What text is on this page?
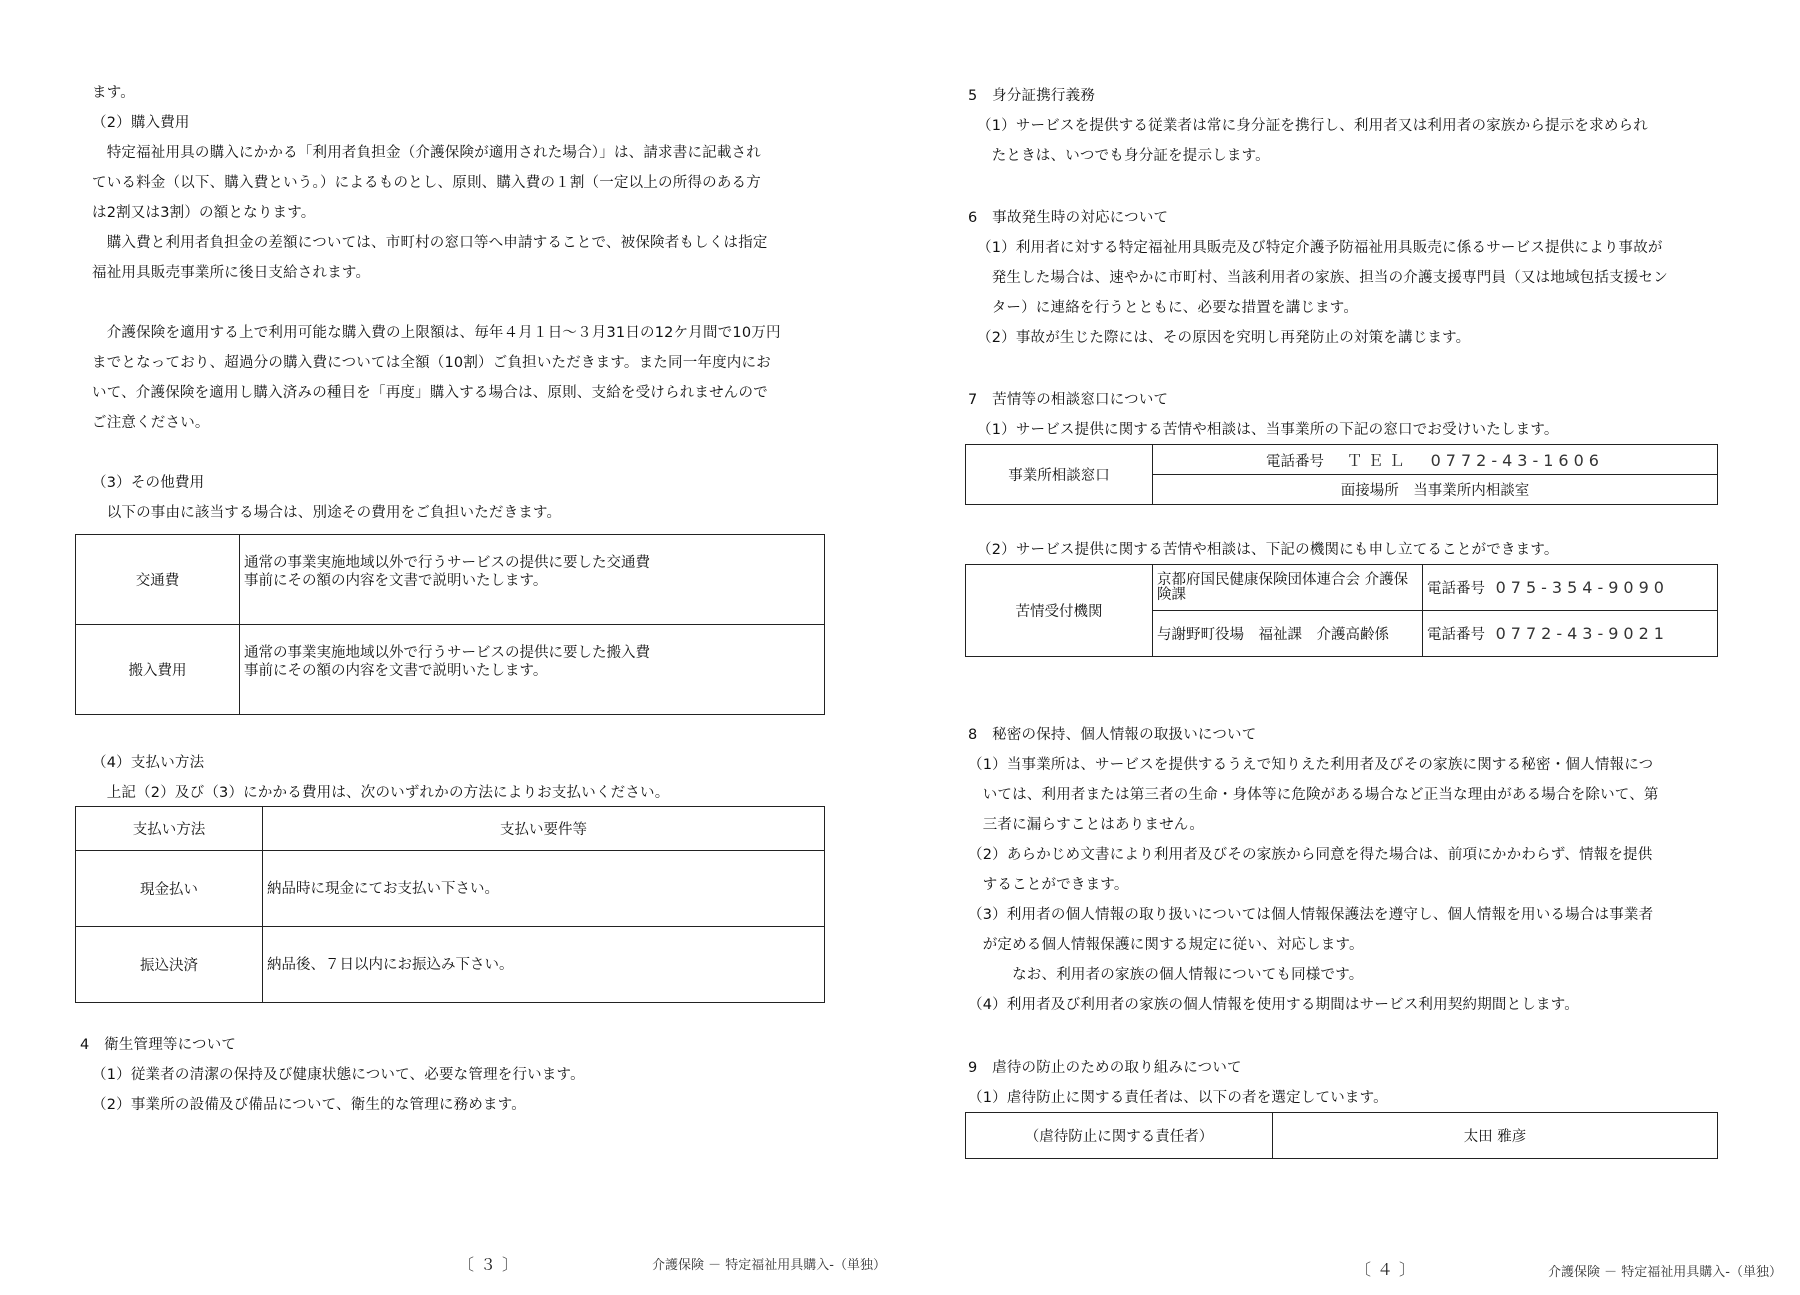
ます。
（2）購入費用
　特定福祉用具の購入にかかる「利用者負担金（介護保険が適用された場合）」は、請求書に記載され
ている料金（以下、購入費という。）によるものとし、原則、購入費の１割（一定以上の所得のある方
は2割又は3割）の額となります。
　購入費と利用者負担金の差額については、市町村の窓口等へ申請することで、被保険者もしくは指定
福祉用具販売事業所に後日支給されます。
　介護保険を適用する上で利用可能な購入費の上限額は、毎年４月１日～３月31日の12ケ月間で10万円
までとなっており、超過分の購入費については全額（10割）ご負担いただきます。また同一年度内にお
いて、介護保険を適用し購入済みの種目を「再度」購入する場合は、原則、支給を受けられませんので
ご注意ください。
（3）その他費用
　以下の事由に該当する場合は、別途その費用をご負担いただきます。
交通費	通常の事業実施地域以外で行うサービスの提供に要した交通費
事前にその額の内容を文書で説明いたします。

搬入費用	通常の事業実施地域以外で行うサービスの提供に要した搬入費
事前にその額の内容を文書で説明いたします。
（4）支払い方法
　上記（2）及び（3）にかかる費用は、次のいずれかの方法によりお支払いください。
支払い方法	支払い要件等
現金払い	納品時に現金にてお支払い下さい。
振込決済	納品後、７日以内にお振込み下さい。
4　衛生管理等について
（1）従業者の清潔の保持及び健康状態について、必要な管理を行います。
（2）事業所の設備及び備品について、衛生的な管理に務めます。
〔３〕	介護保険 － 特定福祉用具購入-（単独）
5　身分証携行義務
（1）サービスを提供する従業者は常に身分証を携行し、利用者又は利用者の家族から提示を求められ
　たときは、いつでも身分証を提示します。
6　事故発生時の対応について
（1）利用者に対する特定福祉用具販売及び特定介護予防福祉用具販売に係るサービス提供により事故が
　発生した場合は、速やかに市町村、当該利用者の家族、担当の介護支援専門員（又は地域包括支援セン
　ター）に連絡を行うとともに、必要な措置を講じます。
（2）事故が生じた際には、その原因を究明し再発防止の対策を講じます。
7　苦情等の相談窓口について
（1）サービス提供に関する苦情や相談は、当事業所の下記の窓口でお受けいたします。
事業所相談窓口	電話番号 ＴＥＬ　0772-43-1606
面接場所　当事業所内相談室
（2）サービス提供に関する苦情や相談は、下記の機関にも申し立てることができます。
苦情受付機関	京都府国民健康保険団体連合会 介護保険課	電話番号 075-354-9090
	与謝野町役場　福祉課　介護高齢係	電話番号 0772-43-9021
8　秘密の保持、個人情報の取扱いについて
（1）当事業所は、サービスを提供するうえで知りえた利用者及びその家族に関する秘密・個人情報につ
　いては、利用者または第三者の生命・身体等に危険がある場合など正当な理由がある場合を除いて、第
　三者に漏らすことはありません。
（2）あらかじめ文書により利用者及びその家族から同意を得た場合は、前項にかかわらず、情報を提供
　することができます。
（3）利用者の個人情報の取り扱いについては個人情報保護法を遵守し、個人情報を用いる場合は事業者
　が定める個人情報保護に関する規定に従い、対応します。
　　　なお、利用者の家族の個人情報についても同様です。
（4）利用者及び利用者の家族の個人情報を使用する期間はサービス利用契約期間とします。
9　虐待の防止のための取り組みについて
（1）虐待防止に関する責任者は、以下の者を選定しています。
（虐待防止に関する責任者）	太田 雅彦
〔４〕	介護保険 － 特定福祉用具購入-（単独）
